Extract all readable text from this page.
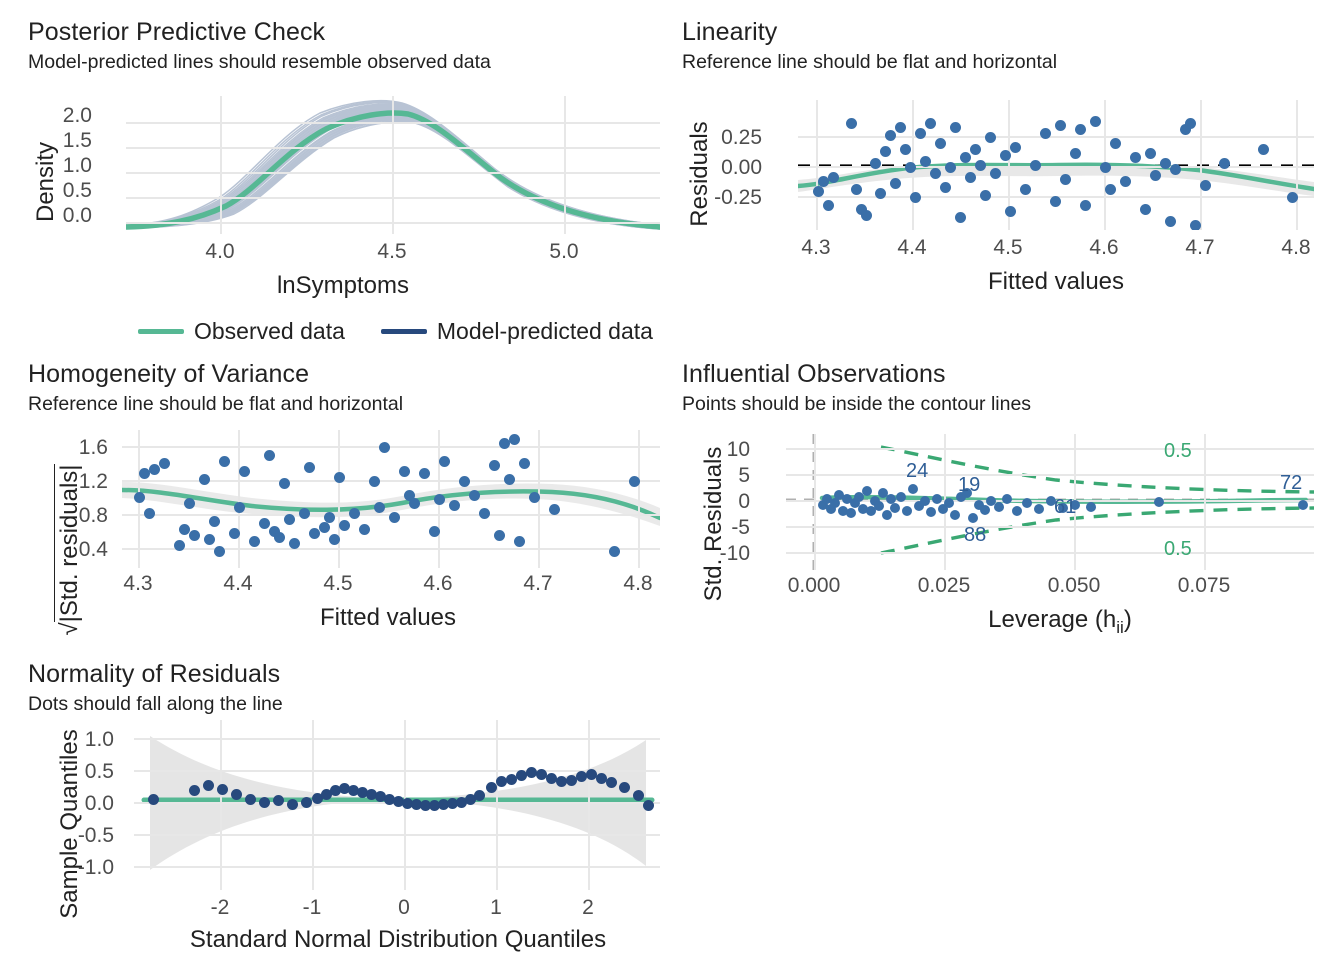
Posterior Predictive Check
Model-predicted lines should resemble observed data
Density
2.0
1.5
1.0
0.5
0.0
4.0	4.5	5.0
lnSymptoms
Observed data	Model-predicted data
Linearity
Reference line should be flat and horizontal
Residuals 0.25
0.00
-0.25
4.3	4.4	4.5	4.6	4.7	4.8
Fitted values
Homogeneity of Variance
Reference line should be flat and horizontal
√|Std. residuals|
1.6
1.2
0.8
0.4
4.3	4.4	4.5	4.6	4.7	4.8
Fitted values
Influential Observations
Points should be inside the contour lines
Std. Residuals 10
5
0
-5
-10
0.5
0.5
24
19
88
61
72
0.000	0.025	0.050	0.075
Leverage $(h_{ii})$
Normality of Residuals
Dots should fall along the line
Sample Quantiles 1.0
0.5
0.0
-0.5
-1.0
-2	-1	0	1	2
Standard Normal Distribution Quantiles
